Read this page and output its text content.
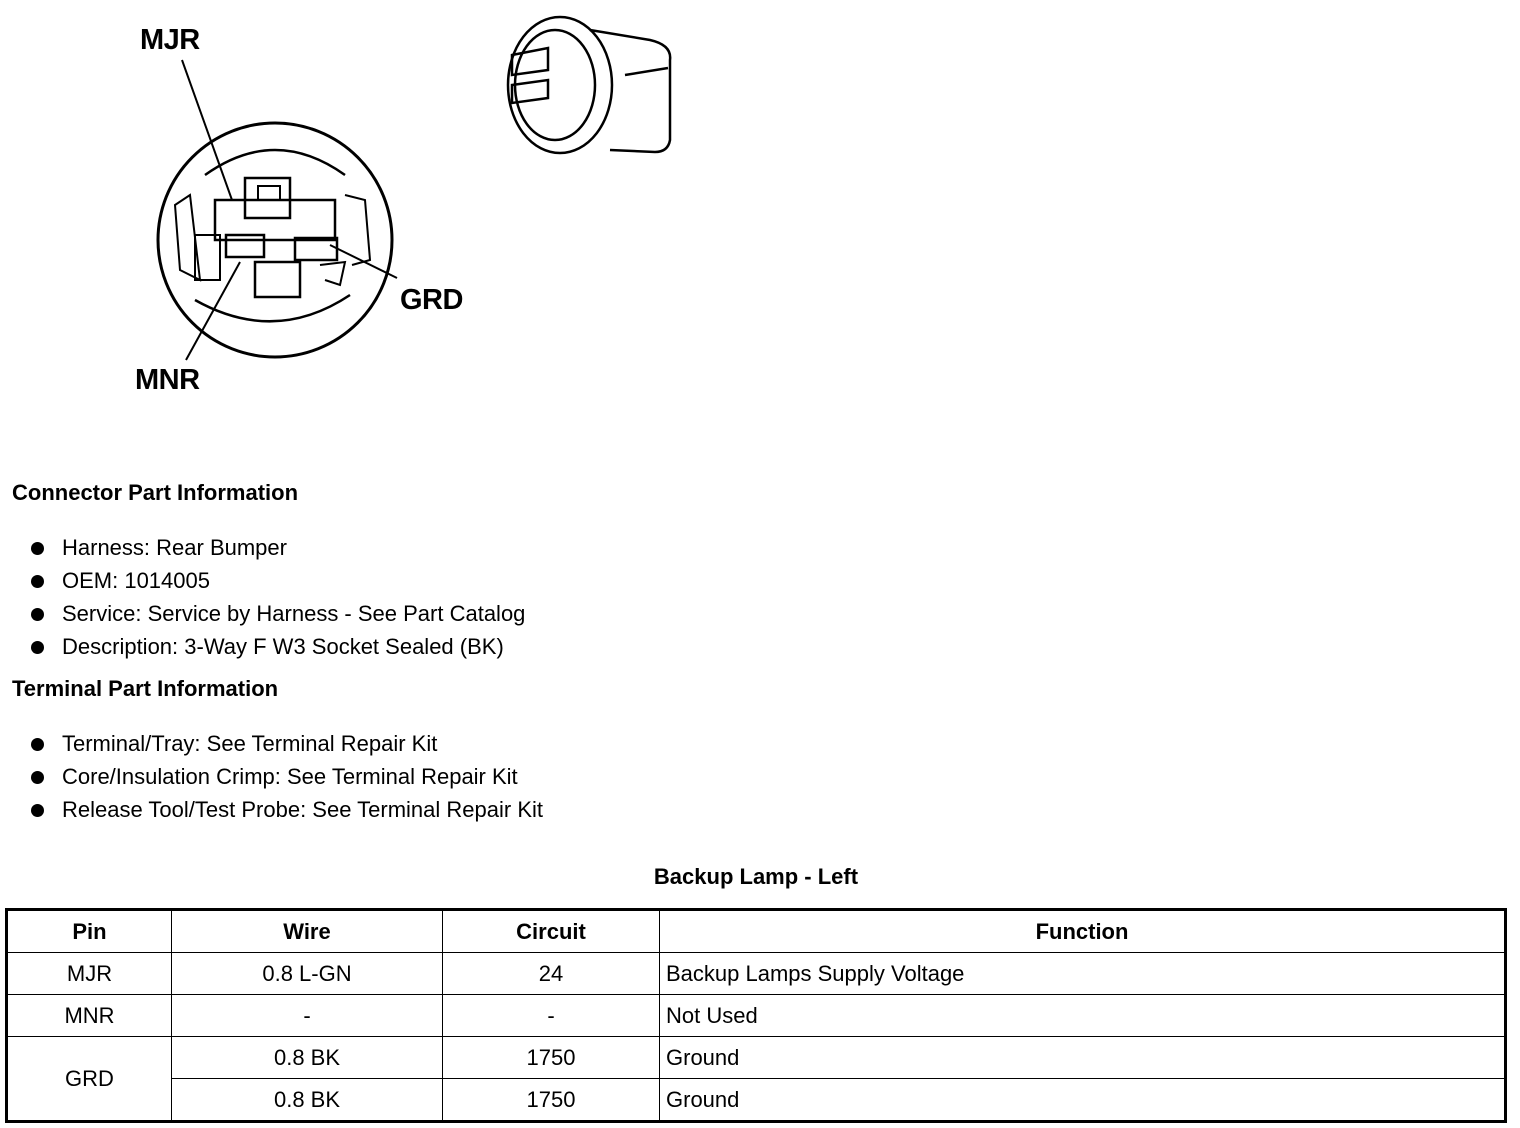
MJR
GRD
MNR
Connector Part Information
Harness: Rear Bumper
OEM: 1014005
Service: Service by Harness - See Part Catalog
Description: 3-Way F W3 Socket Sealed (BK)
Terminal Part Information
Terminal/Tray: See Terminal Repair Kit
Core/Insulation Crimp: See Terminal Repair Kit
Release Tool/Test Probe: See Terminal Repair Kit
Backup Lamp - Left
Pin	Wire	Circuit	Function
MJR	0.8 L-GN	24	Backup Lamps Supply Voltage
MNR	-	-	Not Used
GRD	0.8 BK	1750	Ground
	0.8 BK	1750	Ground
